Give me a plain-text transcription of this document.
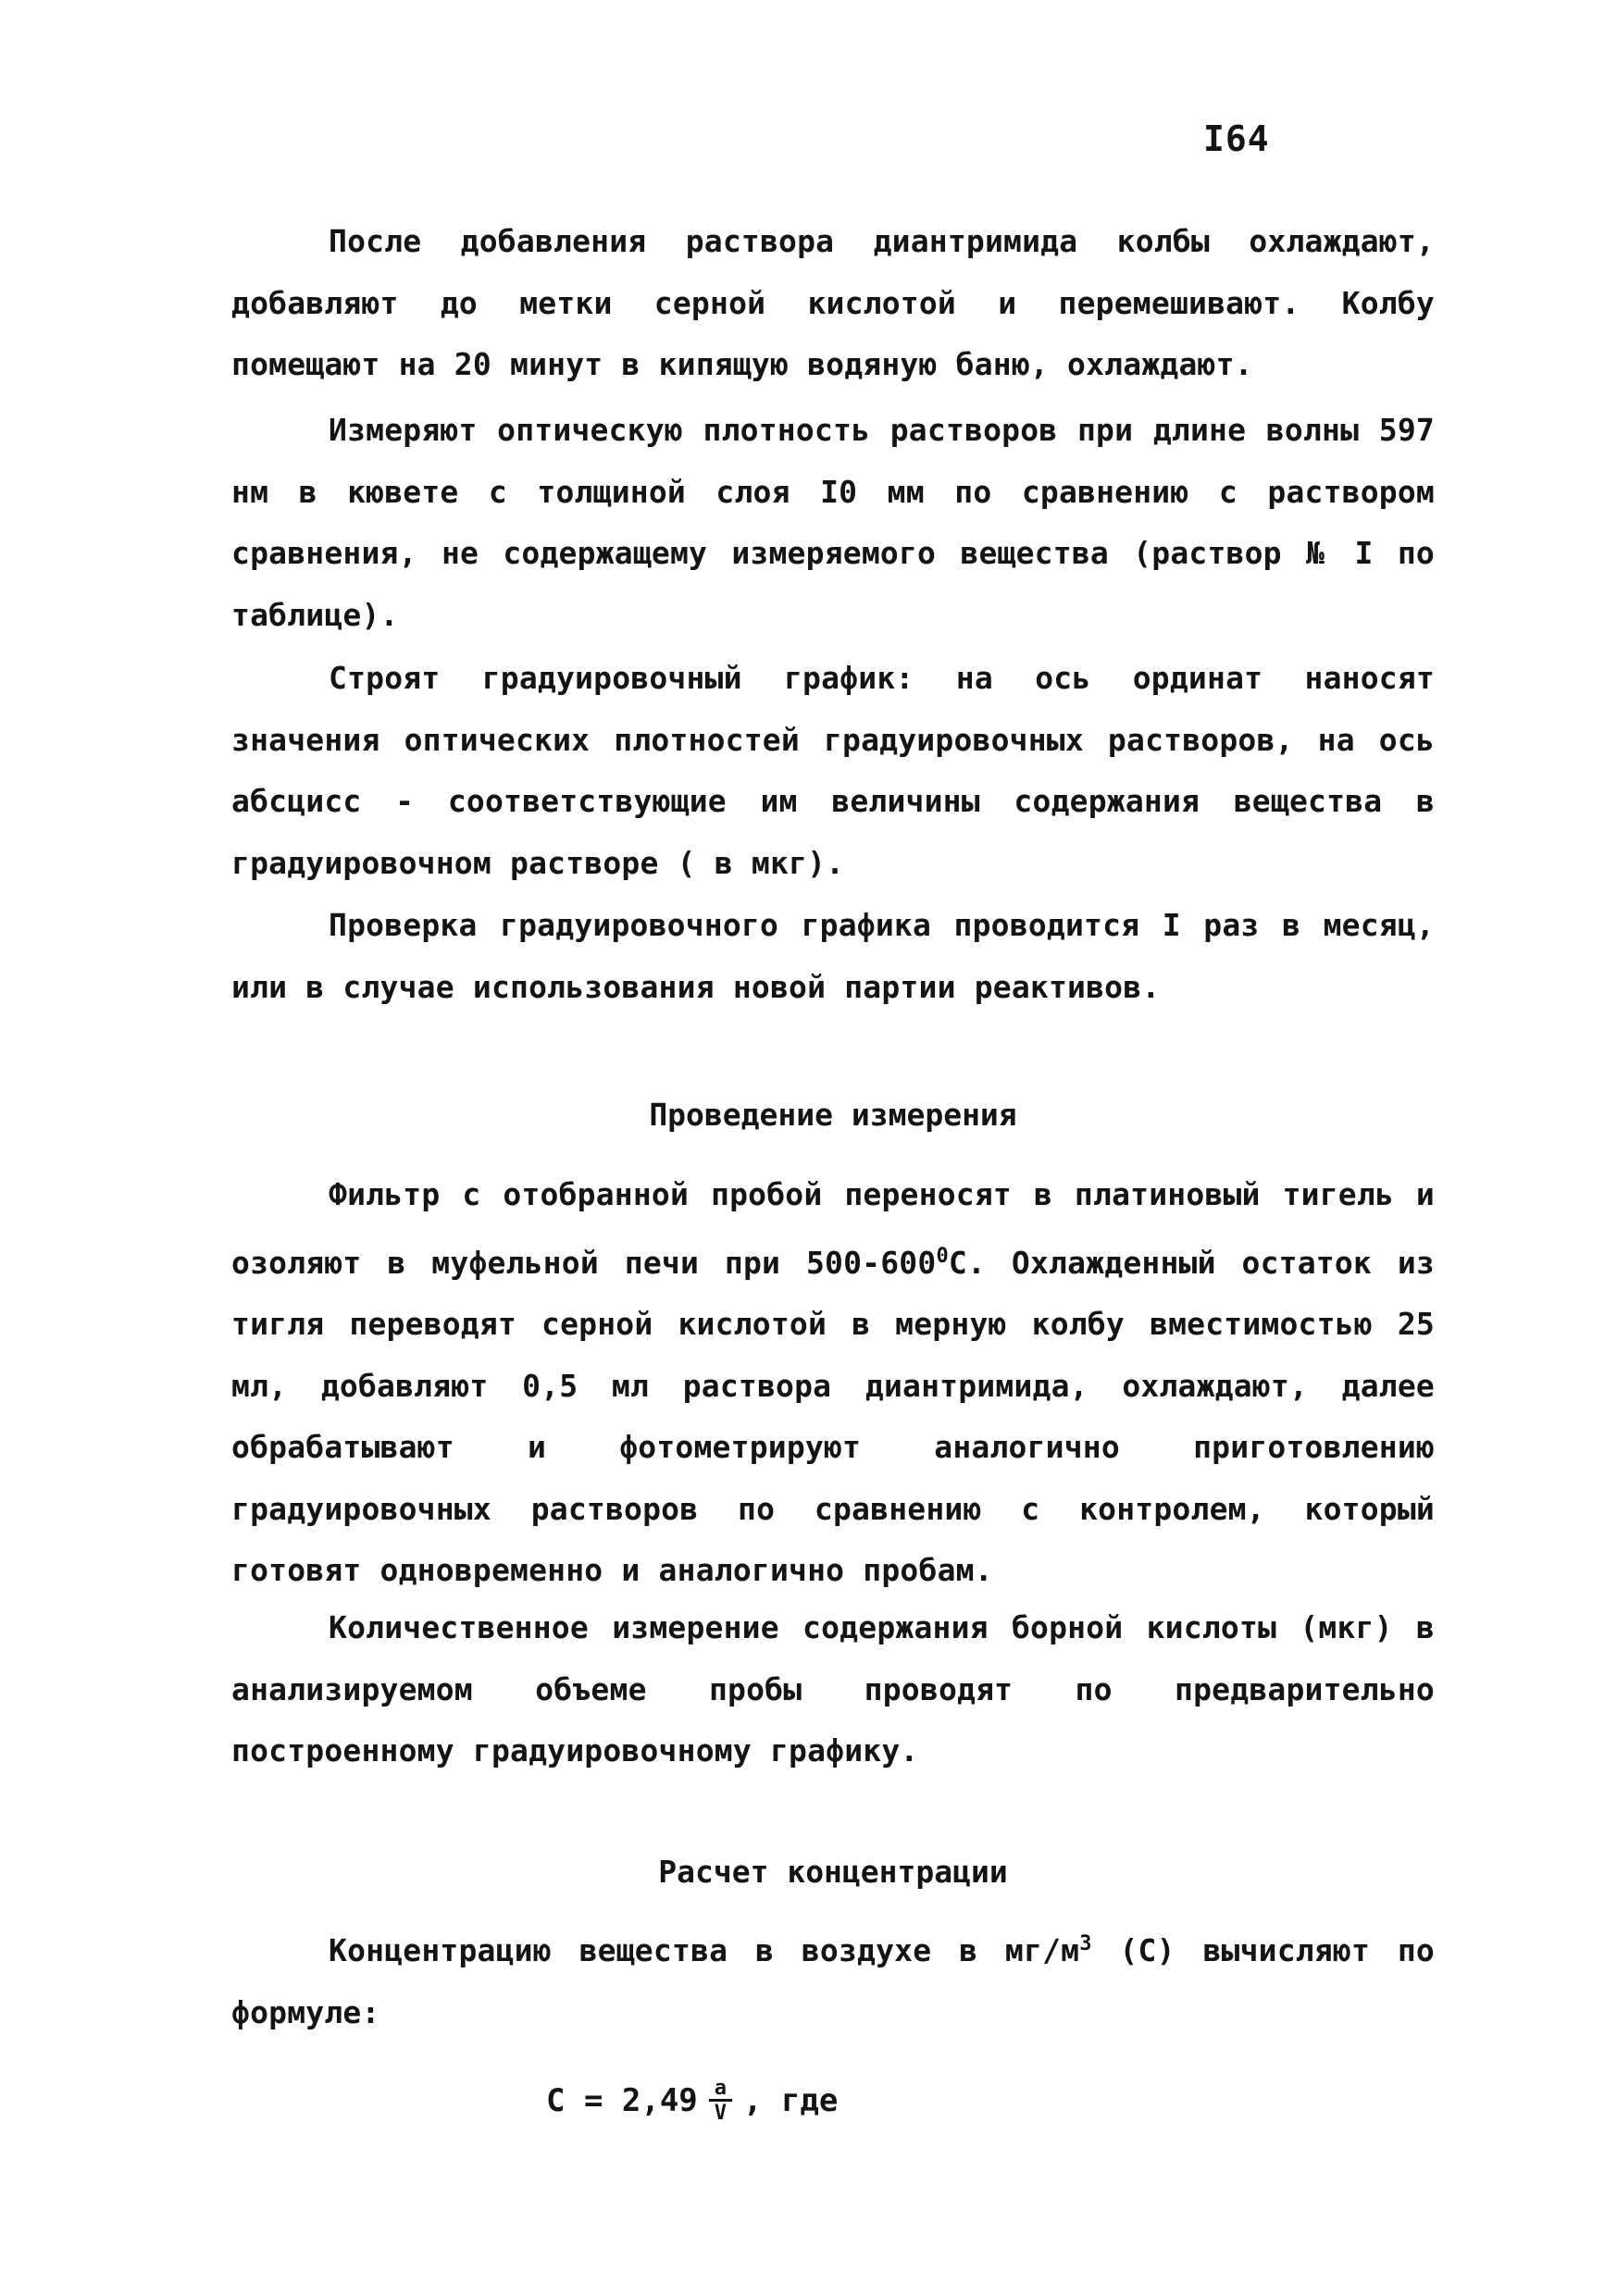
I64

После добавления раствора диантримида колбы охлаждают, добавляют до метки серной кислотой и перемешивают. Колбу помещают на 20 минут в кипящую водяную баню, охлаждают.

Измеряют оптическую плотность растворов при длине волны 597 нм в кювете с толщиной слоя I0 мм по сравнению с раствором сравнения, не содержащему измеряемого вещества (раствор № I по таблице).

Строят градуировочный график: на ось ординат наносят значения оптических плотностей градуировочных растворов, на ось абсцисс - соответствующие им величины содержания вещества в градуировочном растворе ( в мкг).

Проверка градуировочного графика проводится I раз в месяц, или в случае использования новой партии реактивов.

Проведение измерения

Фильтр с отобранной пробой переносят в платиновый тигель и озоляют в муфельной печи при $500-600^0С$. Охлажденный остаток из тигля переводят серной кислотой в мерную колбу вместимостью 25 мл, добавляют 0,5 мл раствора диантримида, охлаждают, далее обрабатывают и фотометрируют аналогично приготовлению градуировочных растворов по сравнению с контролем, который готовят одновременно и аналогично пробам.

Количественное измерение содержания борной кислоты (мкг) в анализируемом объеме пробы проводят по предварительно построенному градуировочному графику.

Расчет концентрации

Концентрацию вещества в воздухе в $мг/м^3$ (С) вычисляют по формуле:

$С = 2,49 \frac{a}{V}$ , где
